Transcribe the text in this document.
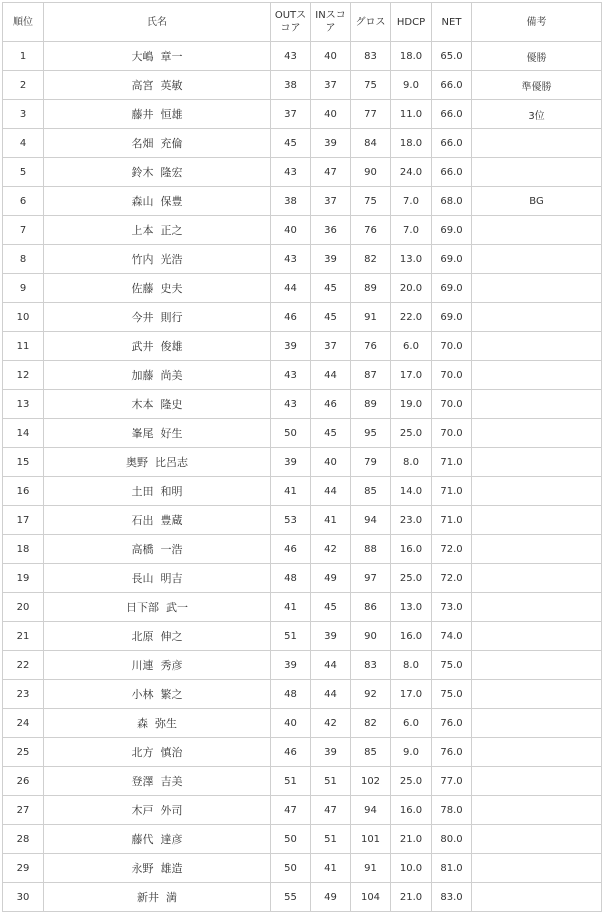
順位	氏名	OUTスコア	INスコア	グロス	HDCP	NET	備考
1	大嶋 章一	43	40	83	18.0	65.0	優勝
2	高宮 英敏	38	37	75	9.0	66.0	準優勝
3	藤井 恒雄	37	40	77	11.0	66.0	3位
4	名畑 充倫	45	39	84	18.0	66.0	
5	鈴木 隆宏	43	47	90	24.0	66.0	
6	森山 保豊	38	37	75	7.0	68.0	BG
7	上本 正之	40	36	76	7.0	69.0	
8	竹内 光浩	43	39	82	13.0	69.0	
9	佐藤 史夫	44	45	89	20.0	69.0	
10	今井 則行	46	45	91	22.0	69.0	
11	武井 俊雄	39	37	76	6.0	70.0	
12	加藤 尚美	43	44	87	17.0	70.0	
13	木本 隆史	43	46	89	19.0	70.0	
14	峯尾 好生	50	45	95	25.0	70.0	
15	奥野 比呂志	39	40	79	8.0	71.0	
16	土田 和明	41	44	85	14.0	71.0	
17	石出 豊蔵	53	41	94	23.0	71.0	
18	高橋 一浩	46	42	88	16.0	72.0	
19	長山 明吉	48	49	97	25.0	72.0	
20	日下部 武一	41	45	86	13.0	73.0	
21	北原 伸之	51	39	90	16.0	74.0	
22	川連 秀彦	39	44	83	8.0	75.0	
23	小林 繁之	48	44	92	17.0	75.0	
24	森 弥生	40	42	82	6.0	76.0	
25	北方 慎治	46	39	85	9.0	76.0	
26	登澤 吉美	51	51	102	25.0	77.0	
27	木戸 外司	47	47	94	16.0	78.0	
28	藤代 達彦	50	51	101	21.0	80.0	
29	永野 雄造	50	41	91	10.0	81.0	
30	新井 満	55	49	104	21.0	83.0	
